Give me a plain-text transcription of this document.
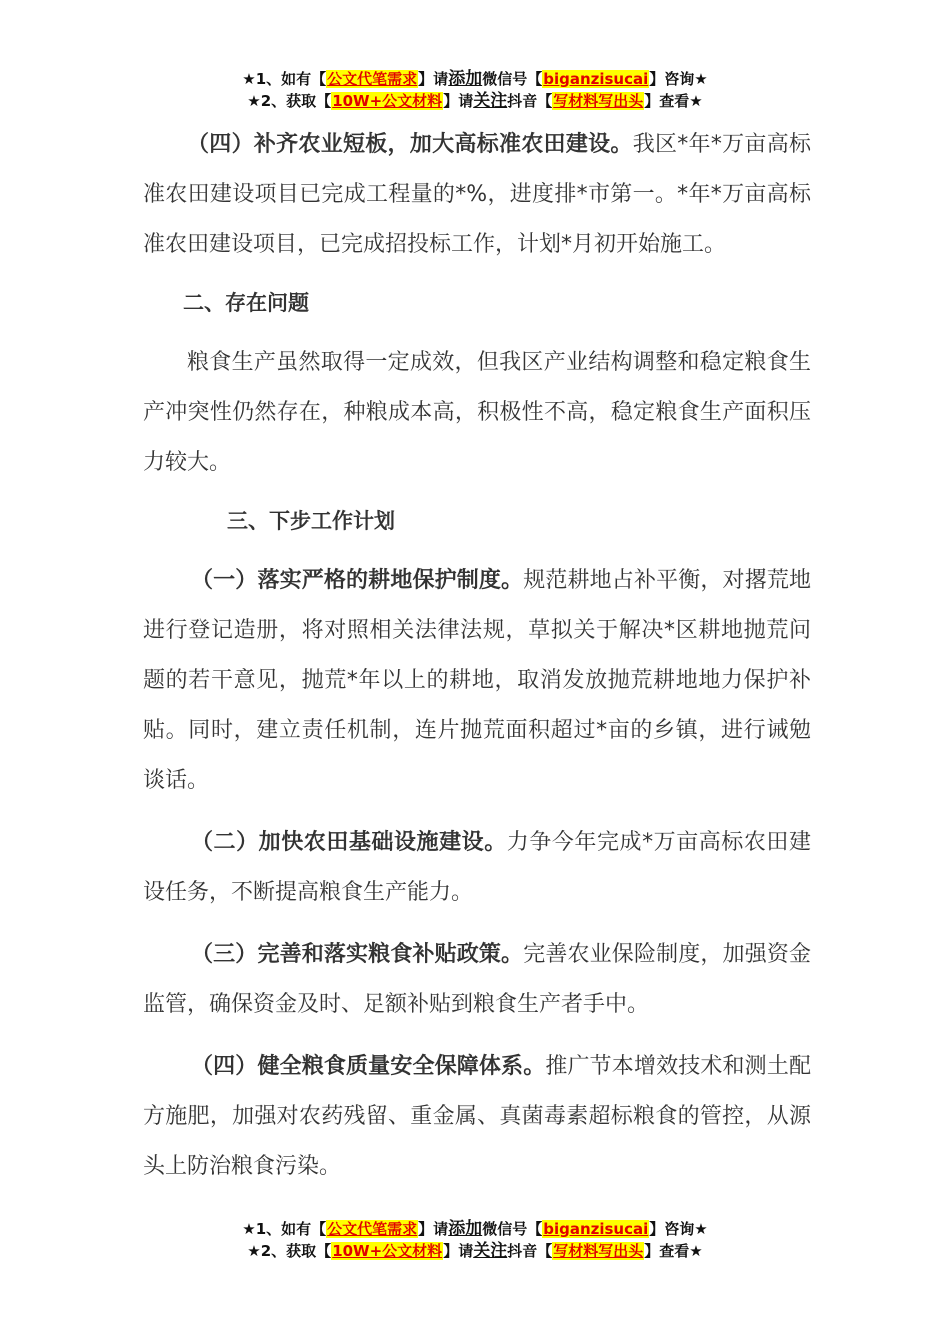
★1、如有【公文代笔需求】请添加微信号【biganzisucai】咨询★
★2、获取【10W+公文材料】请关注抖音【写材料写出头】查看★

（四）补齐农业短板，加大高标准农田建设。我区*年*万亩高标准农田建设项目已完成工程量的*%，进度排*市第一。*年*万亩高标准农田建设项目，已完成招投标工作，计划*月初开始施工。

二、存在问题

粮食生产虽然取得一定成效，但我区产业结构调整和稳定粮食生产冲突性仍然存在，种粮成本高，积极性不高，稳定粮食生产面积压力较大。

三、下步工作计划

（一）落实严格的耕地保护制度。规范耕地占补平衡，对撂荒地进行登记造册，将对照相关法律法规，草拟关于解决*区耕地抛荒问题的若干意见，抛荒*年以上的耕地，取消发放抛荒耕地地力保护补贴。同时，建立责任机制，连片抛荒面积超过*亩的乡镇，进行诫勉谈话。

（二）加快农田基础设施建设。力争今年完成*万亩高标农田建设任务，不断提高粮食生产能力。

（三）完善和落实粮食补贴政策。完善农业保险制度，加强资金监管，确保资金及时、足额补贴到粮食生产者手中。

（四）健全粮食质量安全保障体系。推广节本增效技术和测土配方施肥，加强对农药残留、重金属、真菌毒素超标粮食的管控，从源头上防治粮食污染。

★1、如有【公文代笔需求】请添加微信号【biganzisucai】咨询★
★2、获取【10W+公文材料】请关注抖音【写材料写出头】查看★
